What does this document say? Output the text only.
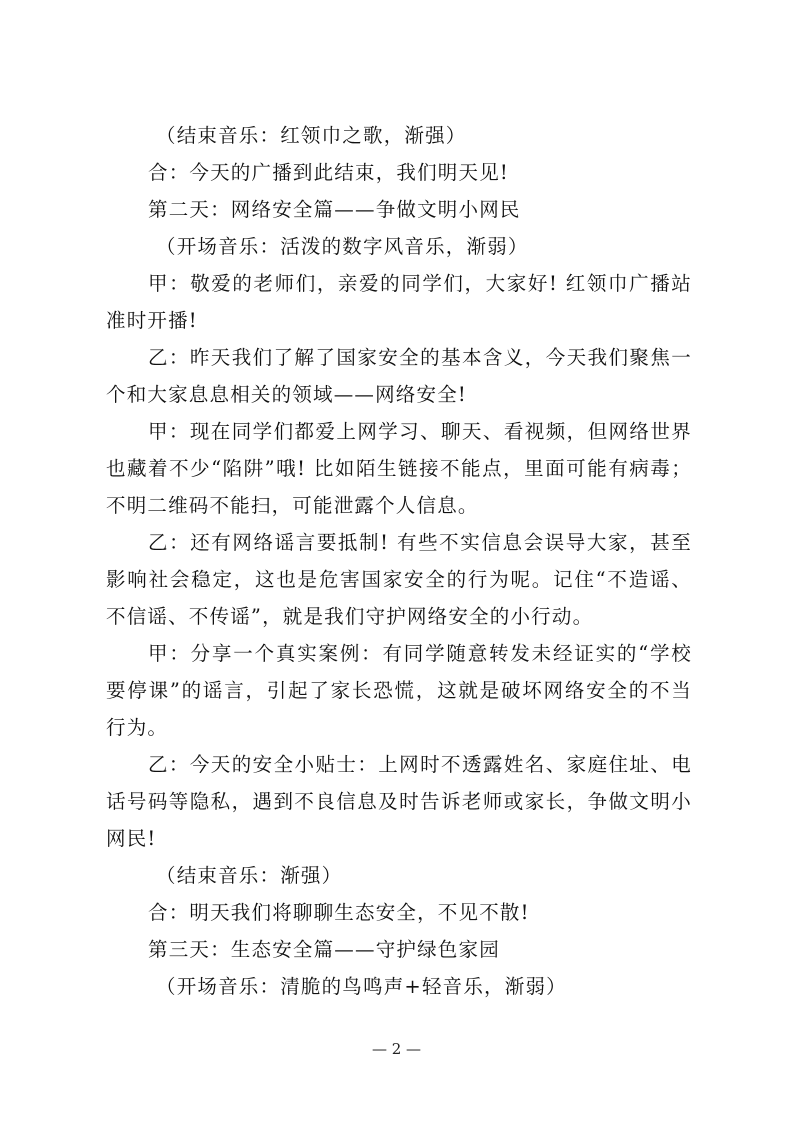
（结束音乐：红领巾之歌，渐强）

合：今天的广播到此结束，我们明天见!

第二天：网络安全篇——争做文明小网民

（开场音乐：活泼的数字风音乐，渐弱）

甲：敬爱的老师们，亲爱的同学们，大家好! 红领巾广播站准时开播!

乙：昨天我们了解了国家安全的基本含义，今天我们聚焦一个和大家息息相关的领域——网络安全!

甲：现在同学们都爱上网学习、聊天、看视频，但网络世界也藏着不少“陷阱”哦! 比如陌生链接不能点，里面可能有病毒；不明二维码不能扫，可能泄露个人信息。

乙：还有网络谣言要抵制! 有些不实信息会误导大家，甚至影响社会稳定，这也是危害国家安全的行为呢。记住“不造谣、不信谣、不传谣”，就是我们守护网络安全的小行动。

甲：分享一个真实案例：有同学随意转发未经证实的“学校要停课”的谣言，引起了家长恐慌，这就是破坏网络安全的不当行为。

乙：今天的安全小贴士：上网时不透露姓名、家庭住址、电话号码等隐私，遇到不良信息及时告诉老师或家长，争做文明小网民!

（结束音乐：渐强）

合：明天我们将聊聊生态安全，不见不散!

第三天：生态安全篇——守护绿色家园

（开场音乐：清脆的鸟鸣声+轻音乐，渐弱）

— 2 —
